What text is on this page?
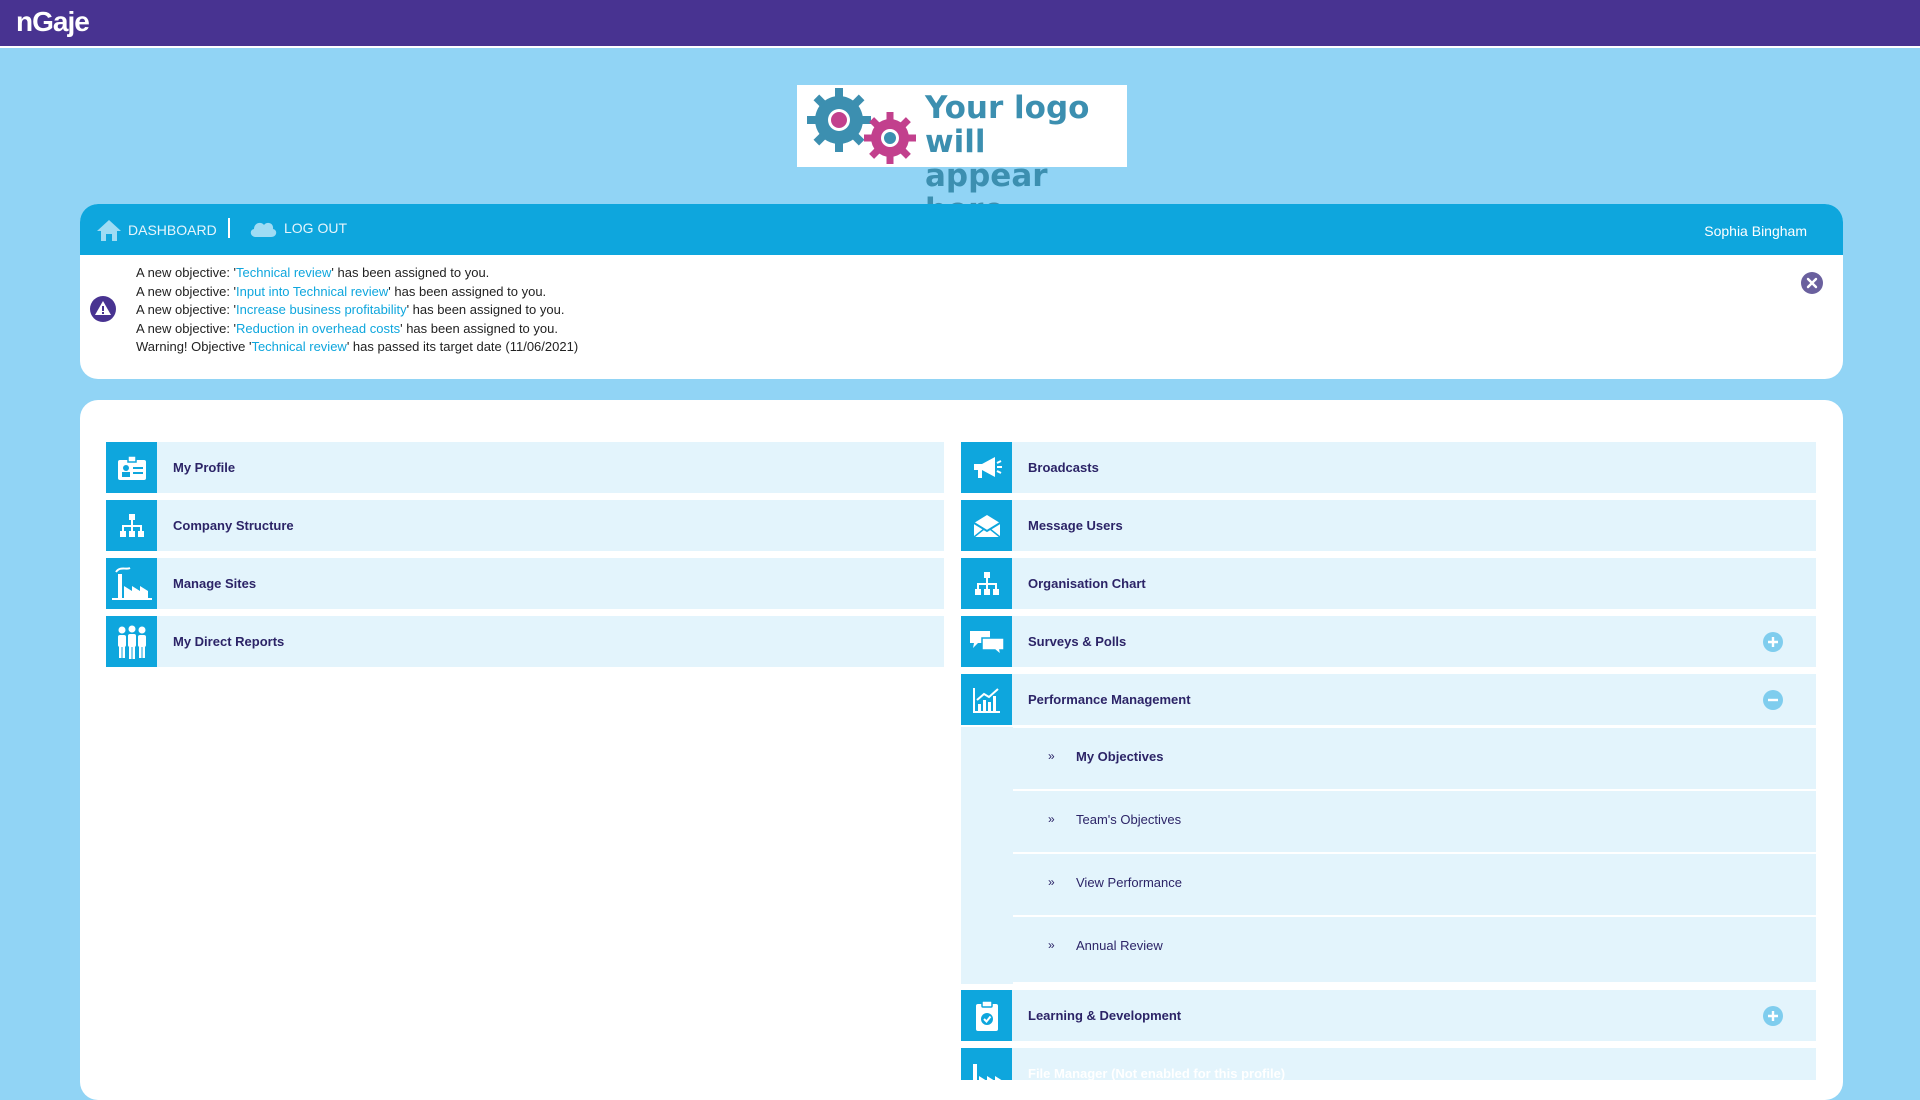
nGaje
Your logo will
appear
DASHBOARD	LOG OUT	Sophia Bingham
A new objective: 'Technical review' has been assigned to you.
A new objective: 'Input into Technical review' has been assigned to you.
A new objective: 'Increase business profitability' has been assigned to you.
A new objective: 'Reduction in overhead costs' has been assigned to you.
Warning! Objective 'Technical review' has passed its target date (11/06/2021)
My Profile
Company Structure
Manage Sites
My Direct Reports
Broadcasts
Message Users
Organisation Chart
Surveys & Polls
Performance Management
» My Objectives
» Team's Objectives
» View Performance
» Annual Review
Learning & Development
File Manager (Not enabled for this profile)
